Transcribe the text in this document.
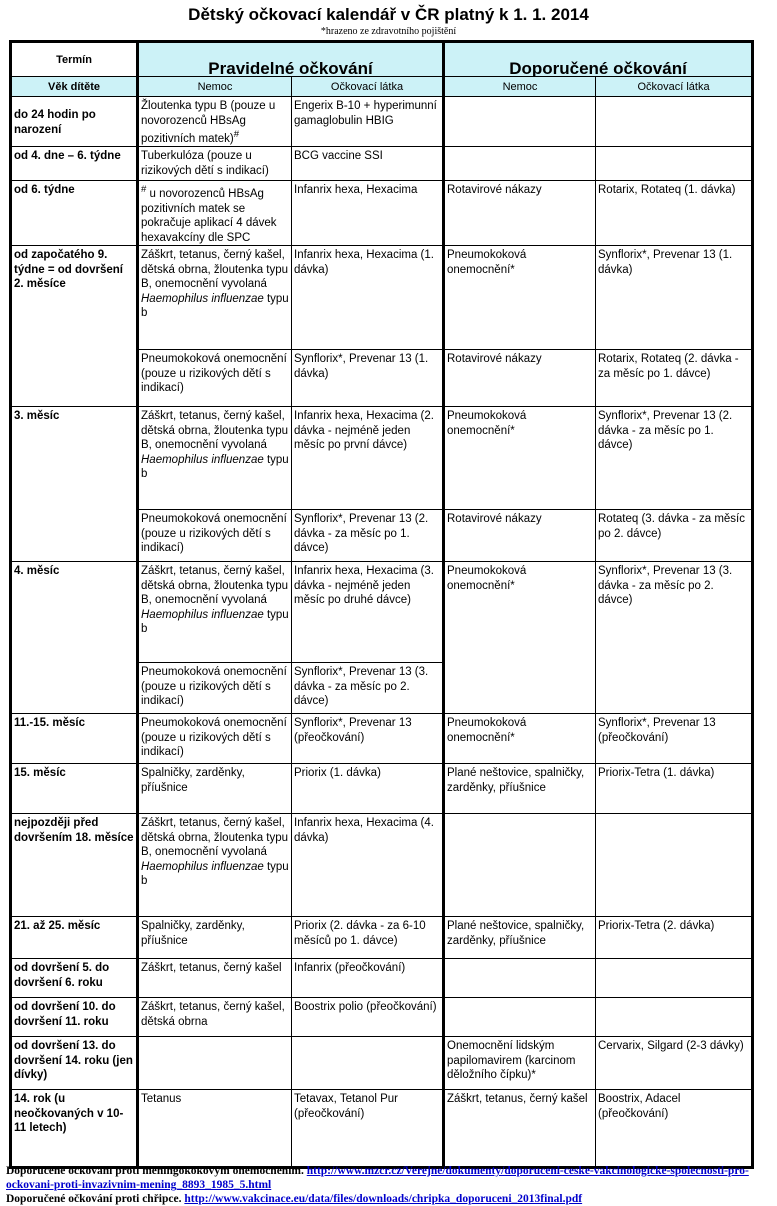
Dětský očkovací kalendář v ČR platný k 1. 1. 2014
*hrazeno ze zdravotního pojištění
Termín	Pravidelné očkování		Doporučené očkování	
Věk dítěte	Nemoc	Očkovací látka	Nemoc	Očkovací látka
do 24 hodin po narození	Žloutenka typu B (pouze u novorozenců HBsAg pozitivních matek)#	Engerix B-10 + hyperimunní gamaglobulin HBIG		
od 4. dne – 6. týdne	Tuberkulóza (pouze u rizikových dětí s indikací)	BCG vaccine SSI		
od 6. týdne	# u novorozenců HBsAg pozitivních matek se pokračuje aplikací 4 dávek hexavakcíny dle SPC	Infanrix hexa, Hexacima	Rotavirové nákazy	Rotarix, Rotateq (1. dávka)
od započatého 9. týdne = od dovršení 2. měsíce	Záškrt, tetanus, černý kašel, dětská obrna, žloutenka typu B, onemocnění vyvolaná Haemophilus influenzae typu b	Infanrix hexa, Hexacima (1. dávka)	Pneumokoková onemocnění*	Synflorix*, Prevenar 13 (1. dávka)
	Pneumokoková onemocnění (pouze u rizikových dětí s indikací)	Synflorix*, Prevenar 13 (1. dávka)	Rotavirové nákazy	Rotarix, Rotateq (2. dávka - za měsíc po 1. dávce)
3. měsíc	Záškrt, tetanus, černý kašel, dětská obrna, žloutenka typu B, onemocnění vyvolaná Haemophilus influenzae typu b	Infanrix hexa, Hexacima (2. dávka - nejméně jeden měsíc po první dávce)	Pneumokoková onemocnění*	Synflorix*, Prevenar 13 (2. dávka - za měsíc po 1. dávce)
	Pneumokoková onemocnění (pouze u rizikových dětí s indikací)	Synflorix*, Prevenar 13 (2. dávka - za měsíc po 1. dávce)	Rotavirové nákazy	Rotateq (3. dávka - za měsíc po 2. dávce)
4. měsíc	Záškrt, tetanus, černý kašel, dětská obrna, žloutenka typu B, onemocnění vyvolaná Haemophilus influenzae typu b	Infanrix hexa, Hexacima (3. dávka - nejméně jeden měsíc po druhé dávce)	Pneumokoková onemocnění*	Synflorix*, Prevenar 13 (3. dávka - za měsíc po 2. dávce)
	Pneumokoková onemocnění (pouze u rizikových dětí s indikací)	Synflorix*, Prevenar 13 (3. dávka - za měsíc po 2. dávce)		
11.-15. měsíc	Pneumokoková onemocnění (pouze u rizikových dětí s indikací)	Synflorix*, Prevenar 13 (přeočkování)	Pneumokoková onemocnění*	Synflorix*, Prevenar 13 (přeočkování)
15. měsíc	Spalničky, zarděnky, příušnice	Priorix (1. dávka)	Plané neštovice, spalničky, zarděnky, příušnice	Priorix-Tetra (1. dávka)
nejpozději před dovršením 18. měsíce	Záškrt, tetanus, černý kašel, dětská obrna, žloutenka typu B, onemocnění vyvolaná Haemophilus influenzae typu b	Infanrix hexa, Hexacima (4. dávka)		
21. až 25. měsíc	Spalničky, zarděnky, příušnice	Priorix (2. dávka - za 6-10 měsíců po 1. dávce)	Plané neštovice, spalničky, zarděnky, příušnice	Priorix-Tetra (2. dávka)
od dovršení 5. do dovršení 6. roku	Záškrt, tetanus, černý kašel	Infanrix (přeočkování)		
od dovršení 10. do dovršení 11. roku	Záškrt, tetanus, černý kašel, dětská obrna	Boostrix polio (přeočkování)		
od dovršení 13. do dovršení 14. roku (jen dívky)			Onemocnění lidským papilomavirem (karcinom děložního čípku)*	Cervarix, Silgard (2-3 dávky)
14. rok (u neočkovaných v 10-11 letech)	Tetanus	Tetavax, Tetanol Pur (přeočkování)	Záškrt, tetanus, černý kašel	Boostrix, Adacel (přeočkování)
Doporučené očkování proti meningokokovým onemocněním. http://www.mzcr.cz/Verejne/dokumenty/doporuceni-ceske-vakcinologicke-spolecnosti-pro-ockovani-proti-invazivnim-mening_8893_1985_5.html
Doporučené očkování proti chřipce. http://www.vakcinace.eu/data/files/downloads/chripka_doporuceni_2013final.pdf
